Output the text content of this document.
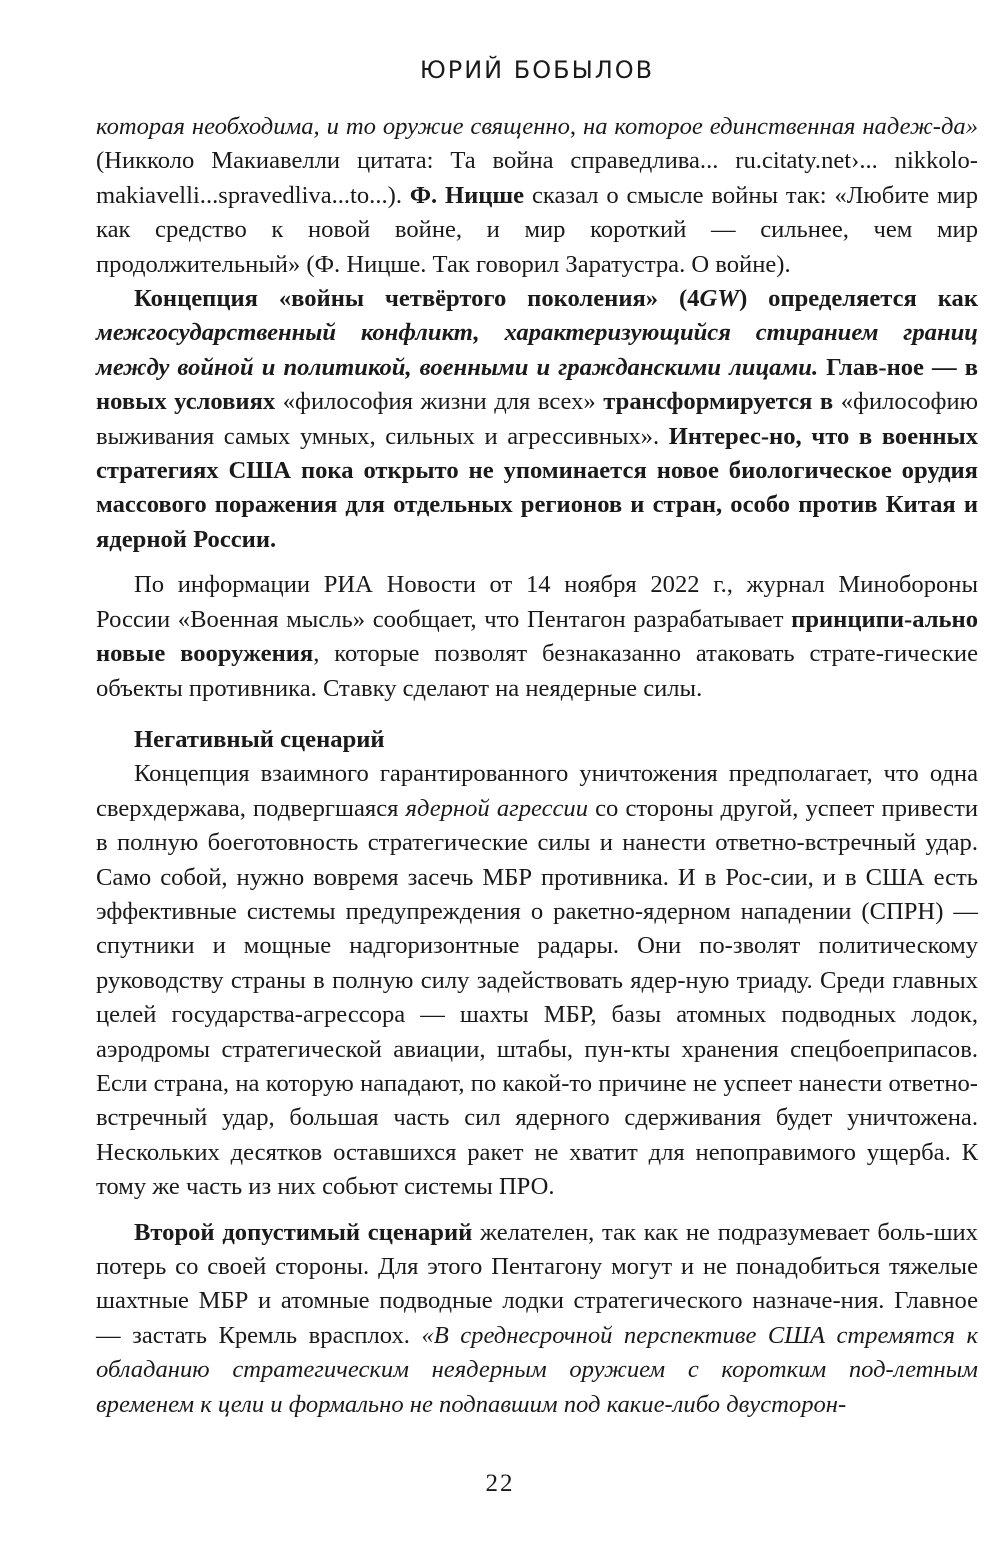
ЮРИЙ БОБЫЛОВ

которая необходима, и то оружие священно, на которое единственная надеж-да» (Никколо Макиавелли цитата: Та война справедлива... ru.citaty.net›... nikkolo-makiavelli...spravedliva...to...). Ф. Ницше сказал о смысле войны так: «Любите мир как средство к новой войне, и мир короткий — сильнее, чем мир продолжительный» (Ф. Ницше. Так говорил Заратустра. О войне).

Концепция «войны четвёртого поколения» (4GW) определяется как межгосударственный конфликт, характеризующийся стиранием границ между войной и политикой, военными и гражданскими лицами. Глав-ное — в новых условиях «философия жизни для всех» трансформируется в «философию выживания самых умных, сильных и агрессивных». Интерес-но, что в военных стратегиях США пока открыто не упоминается новое биологическое орудия массового поражения для отдельных регионов и стран, особо против Китая и ядерной России.

По информации РИА Новости от 14 ноября 2022 г., журнал Минобороны России «Военная мысль» сообщает, что Пентагон разрабатывает принципи-ально новые вооружения, которые позволят безнаказанно атаковать страте-гические объекты противника. Ставку сделают на неядерные силы.

Негативный сценарий

Концепция взаимного гарантированного уничтожения предполагает, что одна сверхдержава, подвергшаяся ядерной агрессии со стороны другой, успеет привести в полную боеготовность стратегические силы и нанести ответно-встречный удар. Само собой, нужно вовремя засечь МБР противника. И в Рос-сии, и в США есть эффективные системы предупреждения о ракетно-ядерном нападении (СПРН) — спутники и мощные надгоризонтные радары. Они по-зволят политическому руководству страны в полную силу задействовать ядер-ную триаду. Среди главных целей государства-агрессора — шахты МБР, базы атомных подводных лодок, аэродромы стратегической авиации, штабы, пун-кты хранения спецбоеприпасов. Если страна, на которую нападают, по какой-то причине не успеет нанести ответно-встречный удар, большая часть сил ядерного сдерживания будет уничтожена. Нескольких десятков оставшихся ракет не хватит для непоправимого ущерба. К тому же часть из них собьют системы ПРО.

Второй допустимый сценарий желателен, так как не подразумевает боль-ших потерь со своей стороны. Для этого Пентагону могут и не понадобиться тяжелые шахтные МБР и атомные подводные лодки стратегического назначе-ния. Главное — застать Кремль врасплох. «В среднесрочной перспективе США стремятся к обладанию стратегическим неядерным оружием с коротким под-летным временем к цели и формально не подпавшим под какие-либо двусторон-

22
